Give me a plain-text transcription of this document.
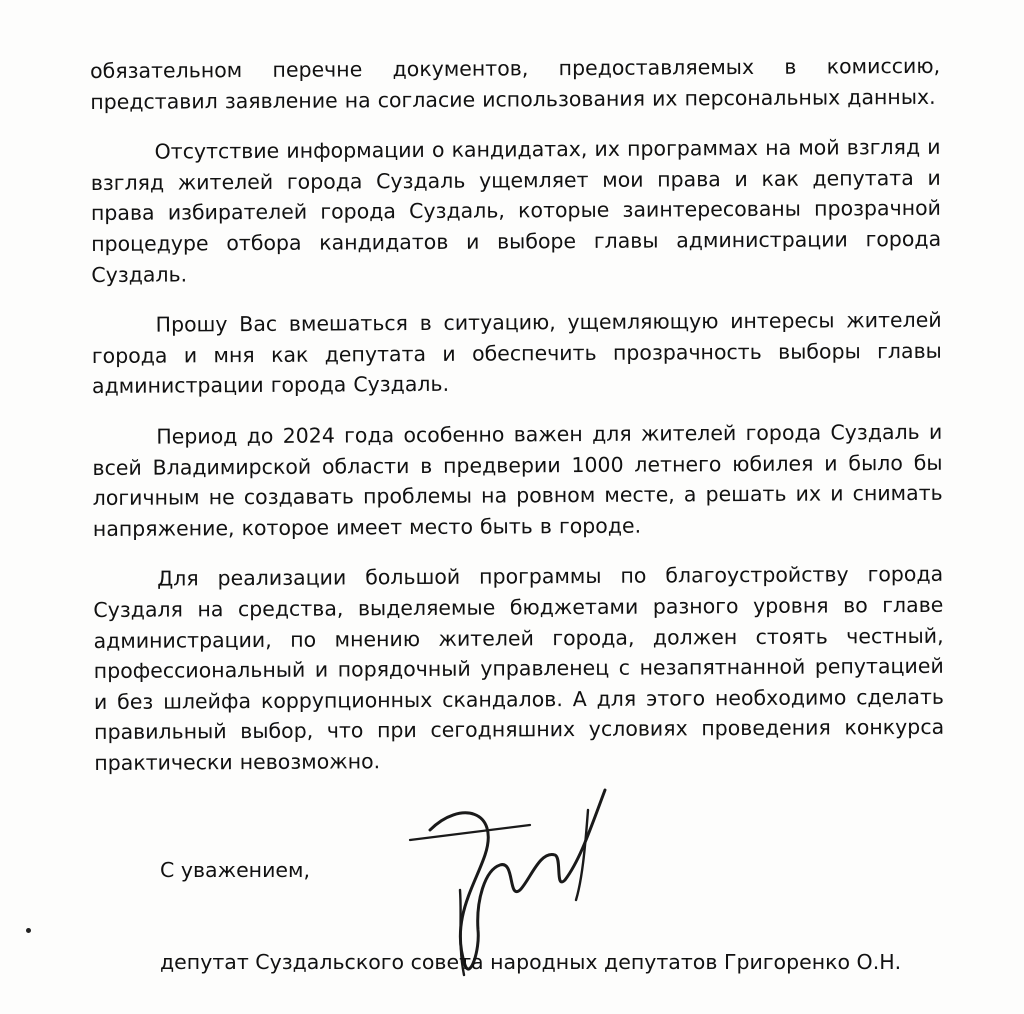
обязательном перечне документов, предоставляемых в комиссию, представил заявление на согласие использования их персональных данных.

Отсутствие информации о кандидатах, их программах на мой взгляд и взгляд жителей города Суздаль ущемляет мои права и как депутата и права избирателей города Суздаль, которые заинтересованы прозрачной процедуре отбора кандидатов и выборе главы администрации города Суздаль.

Прошу Вас вмешаться в ситуацию, ущемляющую интересы жителей города и мня как депутата и обеспечить прозрачность выборы главы администрации города Суздаль.

Период до 2024 года особенно важен для жителей города Суздаль и всей Владимирской области в предверии 1000 летнего юбилея и было бы логичным не создавать проблемы на ровном месте, а решать их и снимать напряжение, которое имеет место быть в городе.

Для реализации большой программы по благоустройству города Суздаля на средства, выделяемые бюджетами разного уровня во главе администрации, по мнению жителей города, должен стоять честный, профессиональный и порядочный управленец с незапятнанной репутацией и без шлейфа коррупционных скандалов. А для этого необходимо сделать правильный выбор, что при сегодняшних условиях проведения конкурса практически невозможно.

С уважением,
депутат Суздальского совета народных депутатов Григоренко О.Н.
